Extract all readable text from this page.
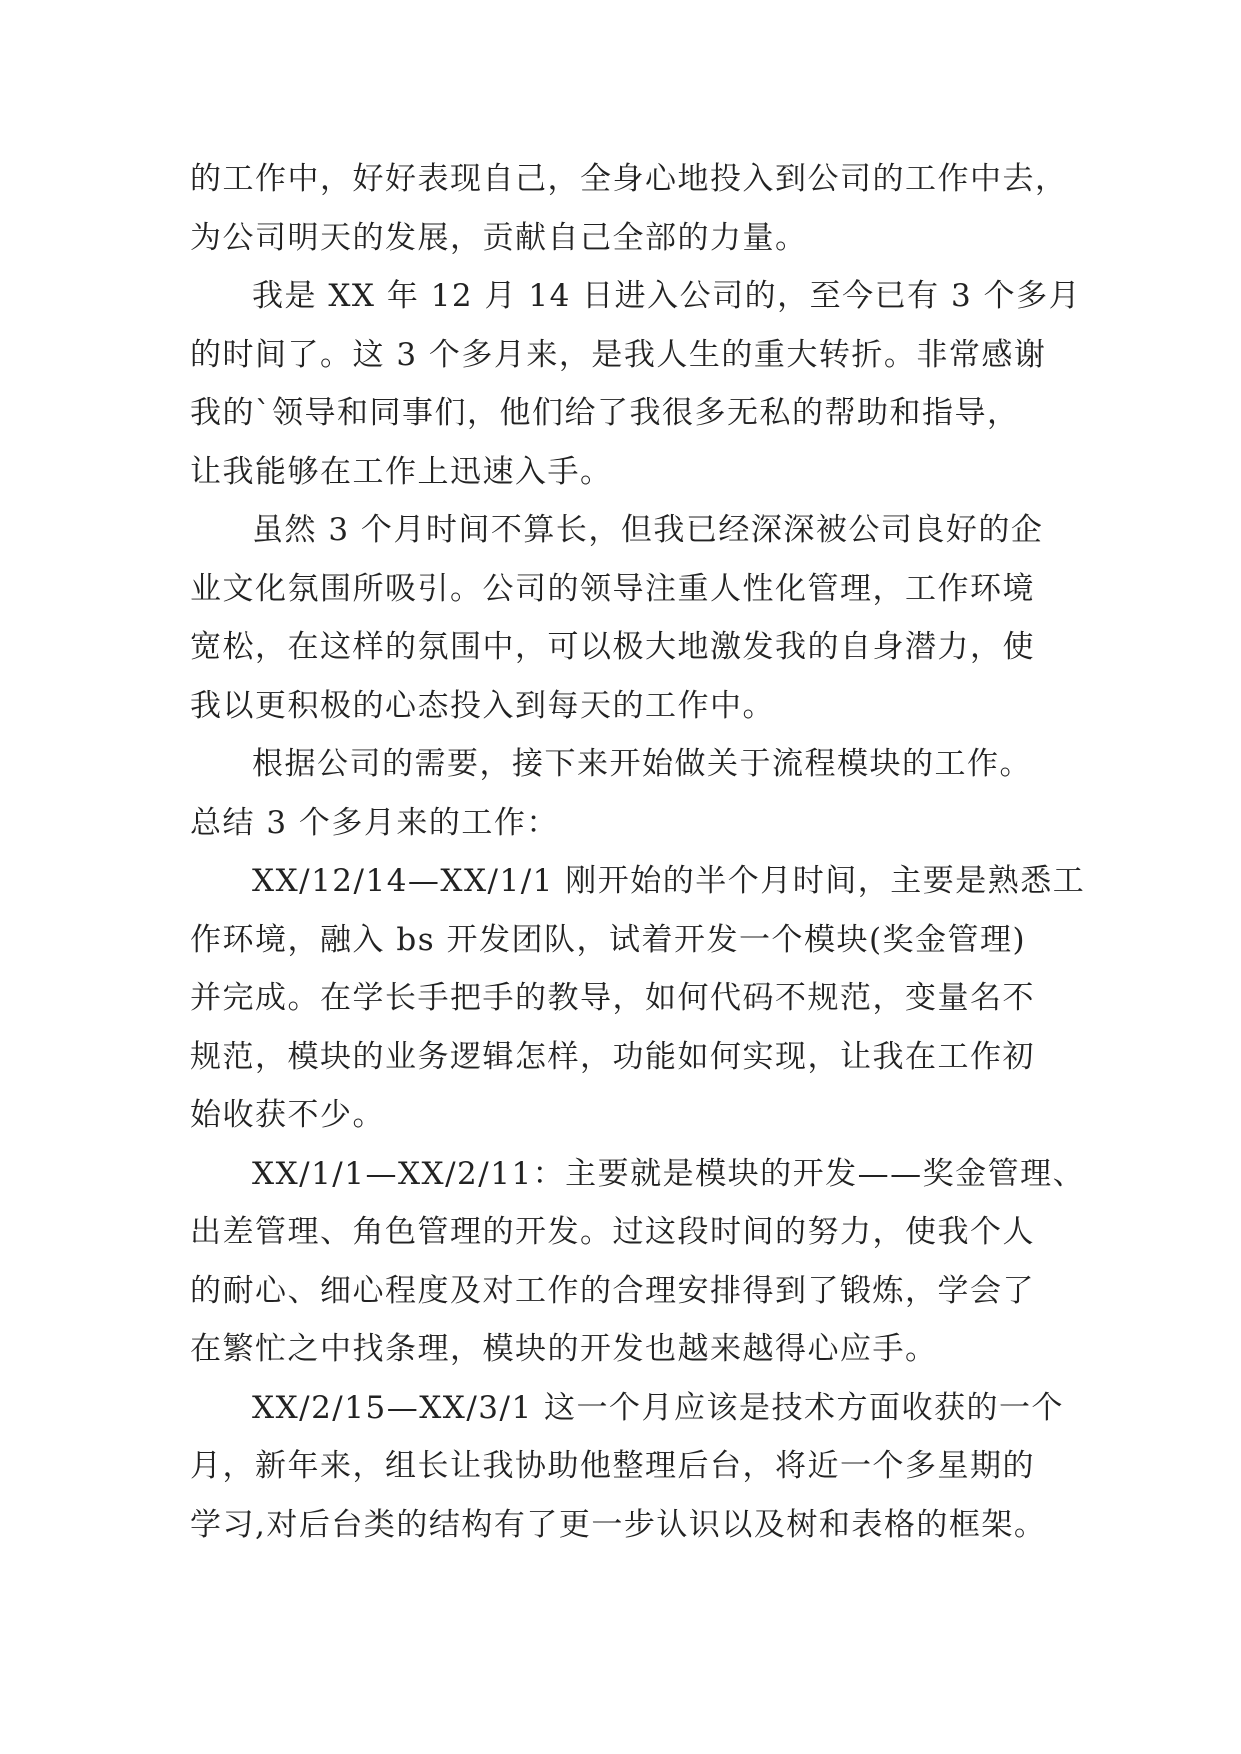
的工作中，好好表现自己，全身心地投入到公司的工作中去，
为公司明天的发展，贡献自己全部的力量。
我是 XX 年 12 月 14 日进入公司的，至今已有 3 个多月
的时间了。这 3 个多月来，是我人生的重大转折。非常感谢
我的`领导和同事们，他们给了我很多无私的帮助和指导，
让我能够在工作上迅速入手。
虽然 3 个月时间不算长，但我已经深深被公司良好的企
业文化氛围所吸引。公司的领导注重人性化管理，工作环境
宽松，在这样的氛围中，可以极大地激发我的自身潜力，使
我以更积极的心态投入到每天的工作中。
根据公司的需要，接下来开始做关于流程模块的工作。
总结 3 个多月来的工作：
XX/12/14—XX/1/1 刚开始的半个月时间，主要是熟悉工
作环境，融入 bs 开发团队，试着开发一个模块(奖金管理)
并完成。在学长手把手的教导，如何代码不规范，变量名不
规范，模块的业务逻辑怎样，功能如何实现，让我在工作初
始收获不少。
XX/1/1—XX/2/11：主要就是模块的开发——奖金管理、
出差管理、角色管理的开发。过这段时间的努力，使我个人
的耐心、细心程度及对工作的合理安排得到了锻炼，学会了
在繁忙之中找条理，模块的开发也越来越得心应手。
XX/2/15—XX/3/1 这一个月应该是技术方面收获的一个
月，新年来，组长让我协助他整理后台，将近一个多星期的
学习,对后台类的结构有了更一步认识以及树和表格的框架。
